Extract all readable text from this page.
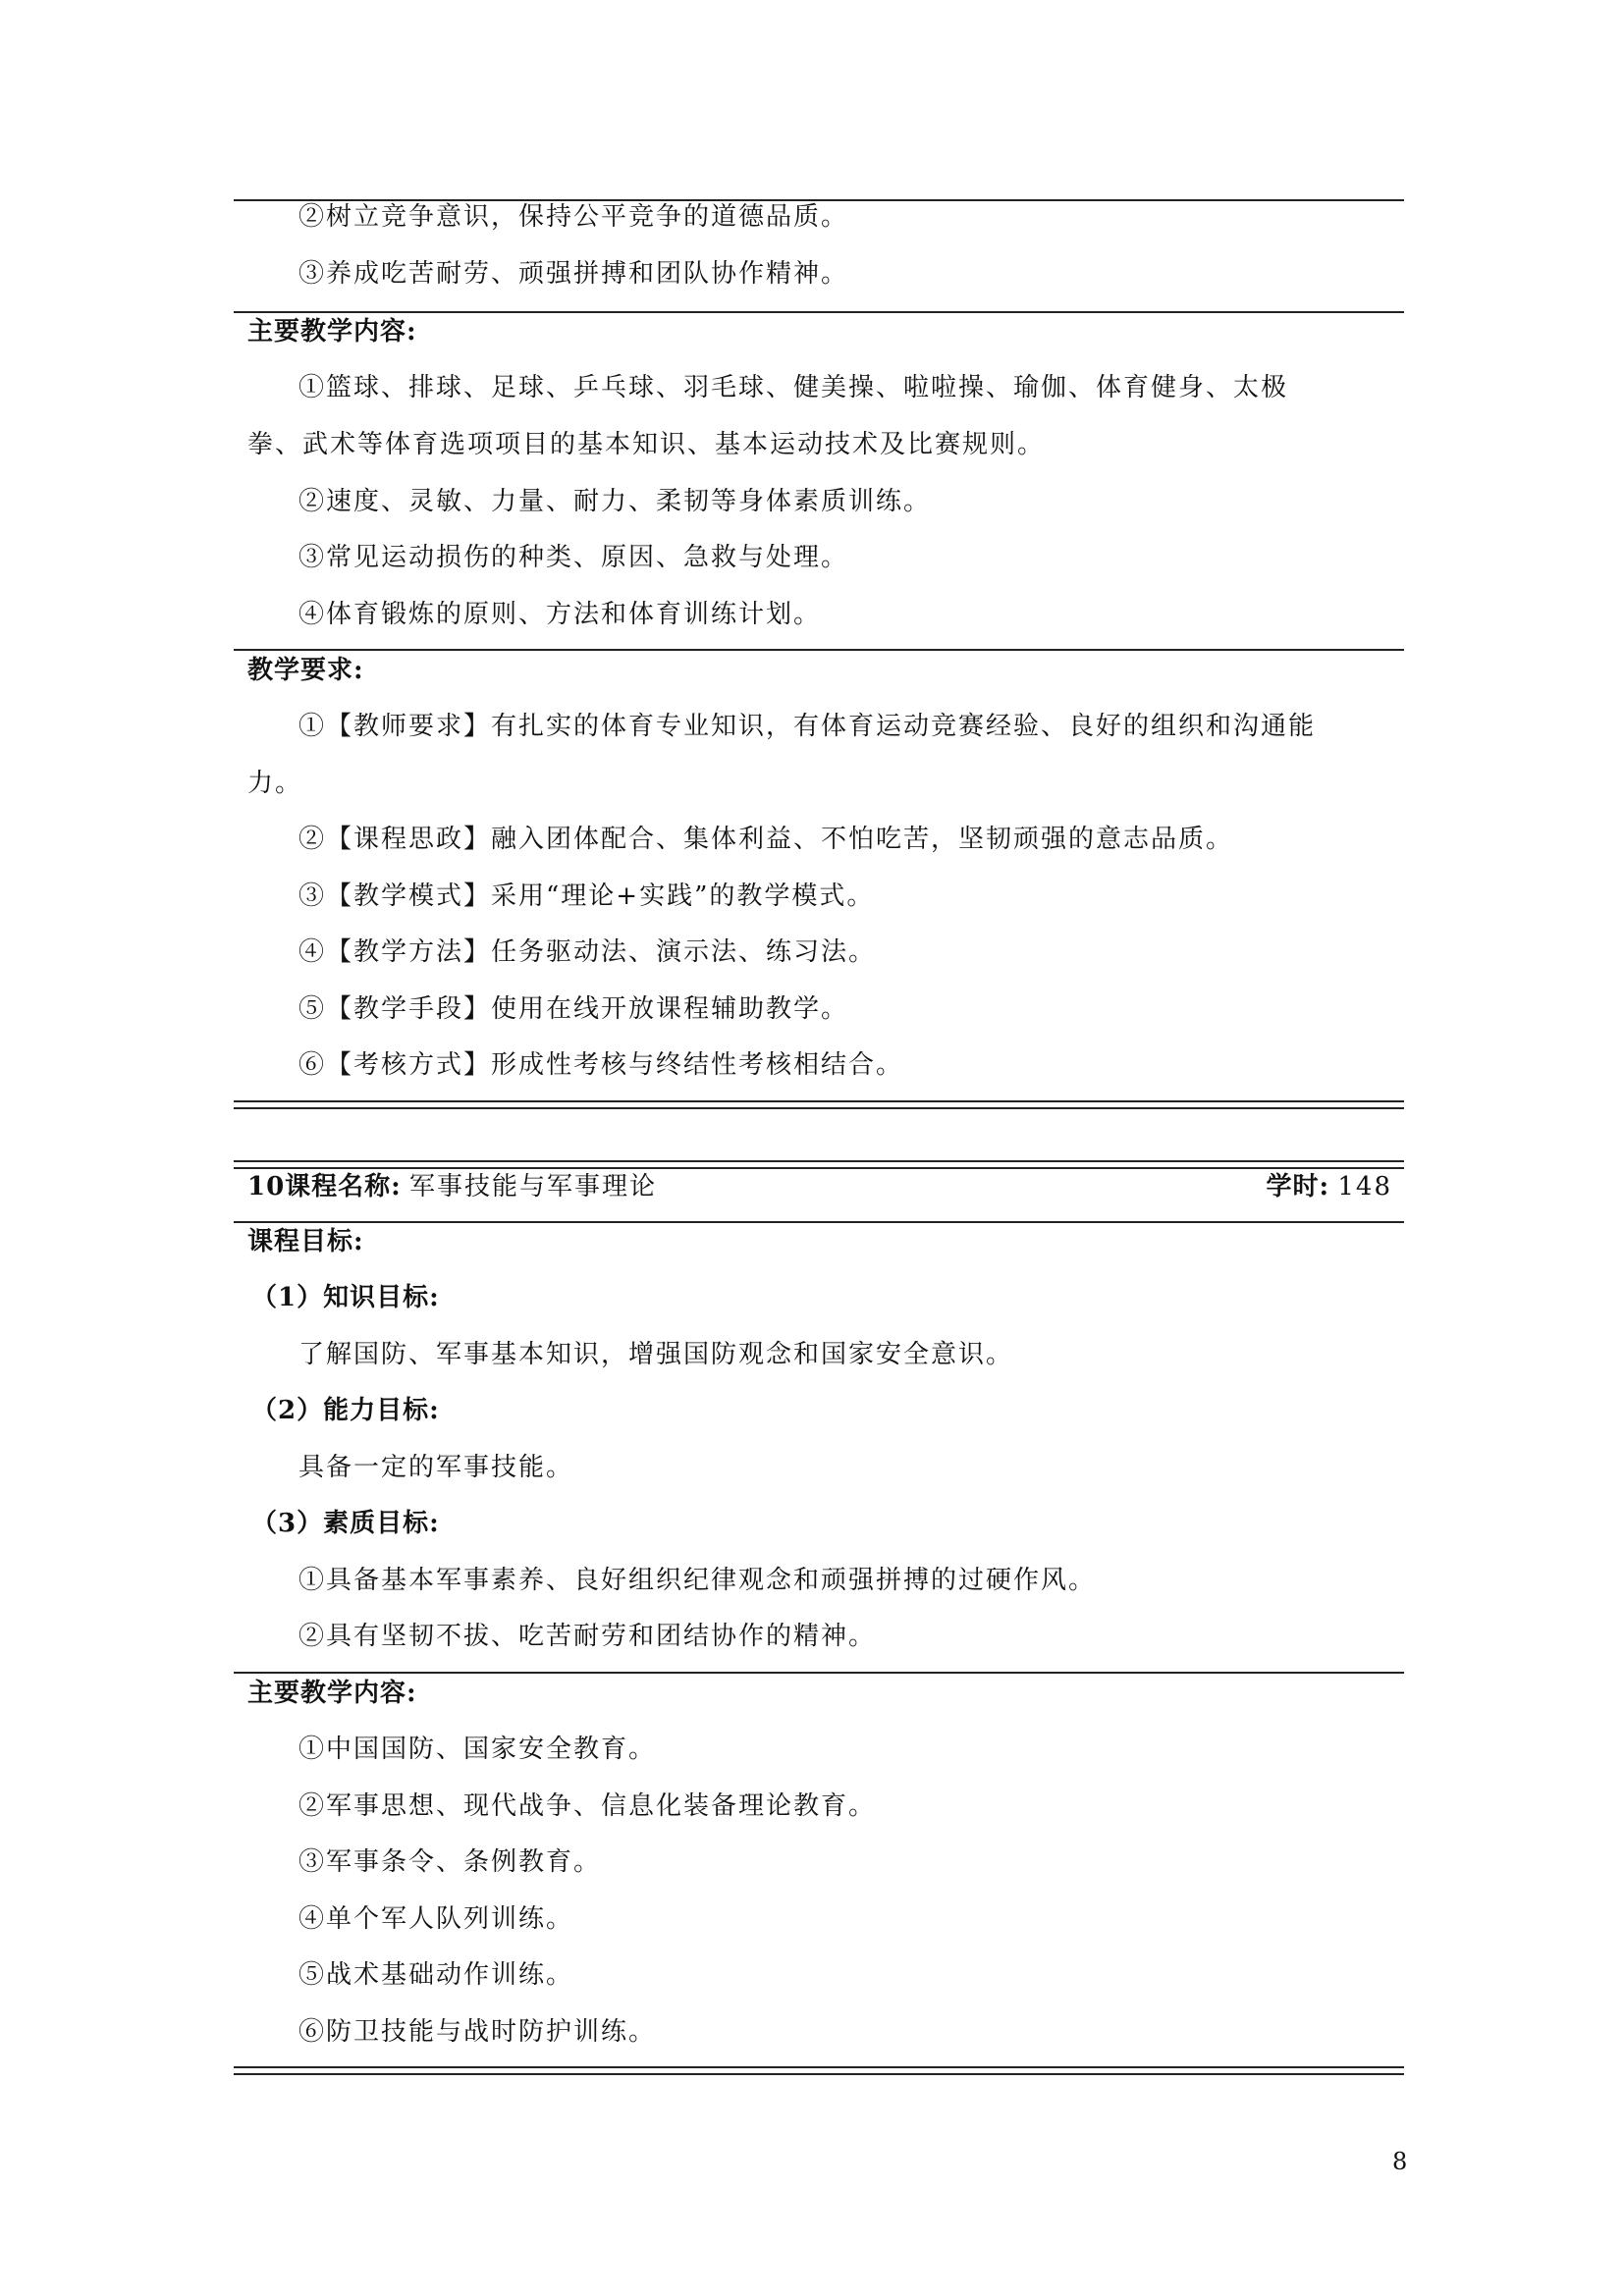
②树立竞争意识，保持公平竞争的道德品质。
③养成吃苦耐劳、顽强拼搏和团队协作精神。
主要教学内容:
①篮球、排球、足球、乒乓球、羽毛球、健美操、啦啦操、瑜伽、体育健身、太极
拳、武术等体育选项项目的基本知识、基本运动技术及比赛规则。
②速度、灵敏、力量、耐力、柔韧等身体素质训练。
③常见运动损伤的种类、原因、急救与处理。
④体育锻炼的原则、方法和体育训练计划。
教学要求:
①【教师要求】有扎实的体育专业知识，有体育运动竞赛经验、良好的组织和沟通能
力。
②【课程思政】融入团体配合、集体利益、不怕吃苦，坚韧顽强的意志品质。
③【教学模式】采用“理论+实践”的教学模式。
④【教学方法】任务驱动法、演示法、练习法。
⑤【教学手段】使用在线开放课程辅助教学。
⑥【考核方式】形成性考核与终结性考核相结合。
10课程名称: 军事技能与军事理论	学时: 148
课程目标:
（1）知识目标:
了解国防、军事基本知识，增强国防观念和国家安全意识。
（2）能力目标:
具备一定的军事技能。
（3）素质目标:
①具备基本军事素养、良好组织纪律观念和顽强拼搏的过硬作风。
②具有坚韧不拔、吃苦耐劳和团结协作的精神。
主要教学内容:
①中国国防、国家安全教育。
②军事思想、现代战争、信息化装备理论教育。
③军事条令、条例教育。
④单个军人队列训练。
⑤战术基础动作训练。
⑥防卫技能与战时防护训练。
8
